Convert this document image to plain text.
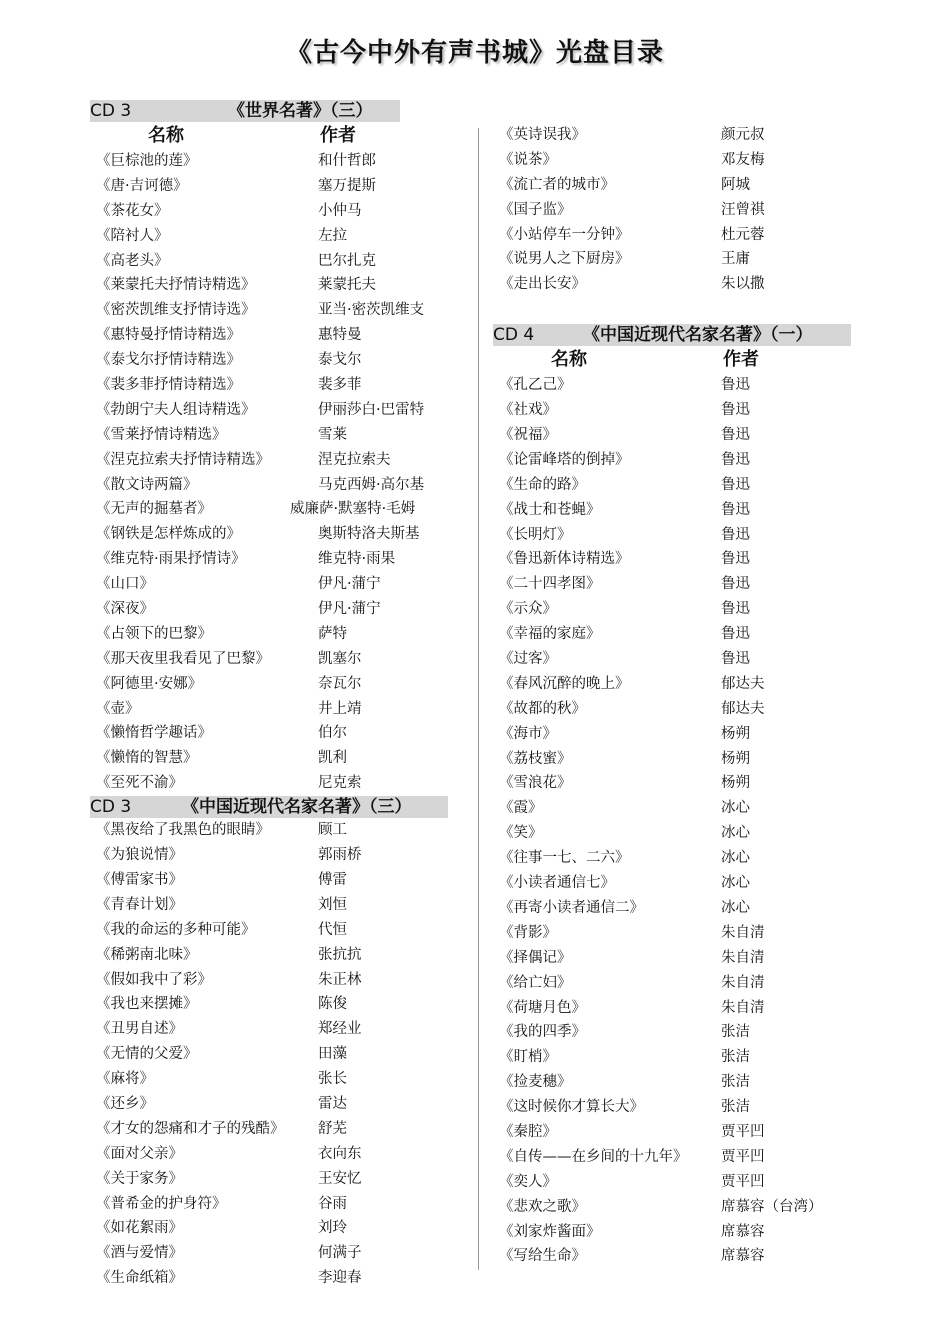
《古今中外有声书城》光盘目录
CD 3	《世界名著》（三）
名称	作者
《巨棕池的莲》	和什哲郎
《唐·吉诃德》	塞万提斯
《茶花女》	小仲马
《陪衬人》	左拉
《高老头》	巴尔扎克
《莱蒙托夫抒情诗精选》	莱蒙托夫
《密茨凯维支抒情诗选》	亚当·密茨凯维支
《惠特曼抒情诗精选》	惠特曼
《泰戈尔抒情诗精选》	泰戈尔
《裴多菲抒情诗精选》	裴多菲
《勃朗宁夫人组诗精选》	伊丽莎白·巴雷特
《雪莱抒情诗精选》	雪莱
《涅克拉索夫抒情诗精选》	涅克拉索夫
《散文诗两篇》	马克西姆·高尔基
《无声的掘墓者》	威廉萨·默塞特·毛姆
《钢铁是怎样炼成的》	奥斯特洛夫斯基
《维克特·雨果抒情诗》	维克特·雨果
《山口》	伊凡·蒲宁
《深夜》	伊凡·蒲宁
《占领下的巴黎》	萨特
《那天夜里我看见了巴黎》	凯塞尔
《阿德里·安娜》	奈瓦尔
《壶》	井上靖
《懒惰哲学趣话》	伯尔
《懒惰的智慧》	凯利
《至死不渝》	尼克索
CD 3	《中国近现代名家名著》（三）
《黑夜给了我黑色的眼睛》	顾工
《为狼说情》	郭雨桥
《傅雷家书》	傅雷
《青春计划》	刘恒
《我的命运的多种可能》	代恒
《稀粥南北味》	张抗抗
《假如我中了彩》	朱正林
《我也来摆摊》	陈俊
《丑男自述》	郑经业
《无情的父爱》	田藻
《麻将》	张长
《还乡》	雷达
《才女的怨痛和才子的残酷》 舒芜
《面对父亲》	衣向东
《关于家务》	王安忆
《普希金的护身符》	谷雨
《如花絮雨》	刘玲
《酒与爱情》	何满子
《生命纸箱》	李迎春
《英诗误我》	颜元叔
《说茶》	邓友梅
《流亡者的城市》	阿城
《国子监》	汪曾祺
《小站停车一分钟》	杜元蓉
《说男人之下厨房》	王庸
《走出长安》	朱以撒
CD 4	《中国近现代名家名著》（一）
名称	作者
《孔乙己》	鲁迅
《社戏》	鲁迅
《祝福》	鲁迅
《论雷峰塔的倒掉》	鲁迅
《生命的路》	鲁迅
《战士和苍蝇》	鲁迅
《长明灯》	鲁迅
《鲁迅新体诗精选》	鲁迅
《二十四孝图》	鲁迅
《示众》	鲁迅
《幸福的家庭》	鲁迅
《过客》	鲁迅
《春风沉醉的晚上》	郁达夫
《故都的秋》	郁达夫
《海市》	杨朔
《荔枝蜜》	杨朔
《雪浪花》	杨朔
《霞》	冰心
《笑》	冰心
《往事一七、二六》	冰心
《小读者通信七》	冰心
《再寄小读者通信二》	冰心
《背影》	朱自清
《择偶记》	朱自清
《给亡妇》	朱自清
《荷塘月色》	朱自清
《我的四季》	张洁
《盯梢》	张洁
《捡麦穗》	张洁
《这时候你才算长大》	张洁
《秦腔》	贾平凹
《自传——在乡间的十九年》 贾平凹
《奕人》	贾平凹
《悲欢之歌》	席慕容（台湾）
《刘家炸酱面》	席慕容
《写给生命》	席慕容
